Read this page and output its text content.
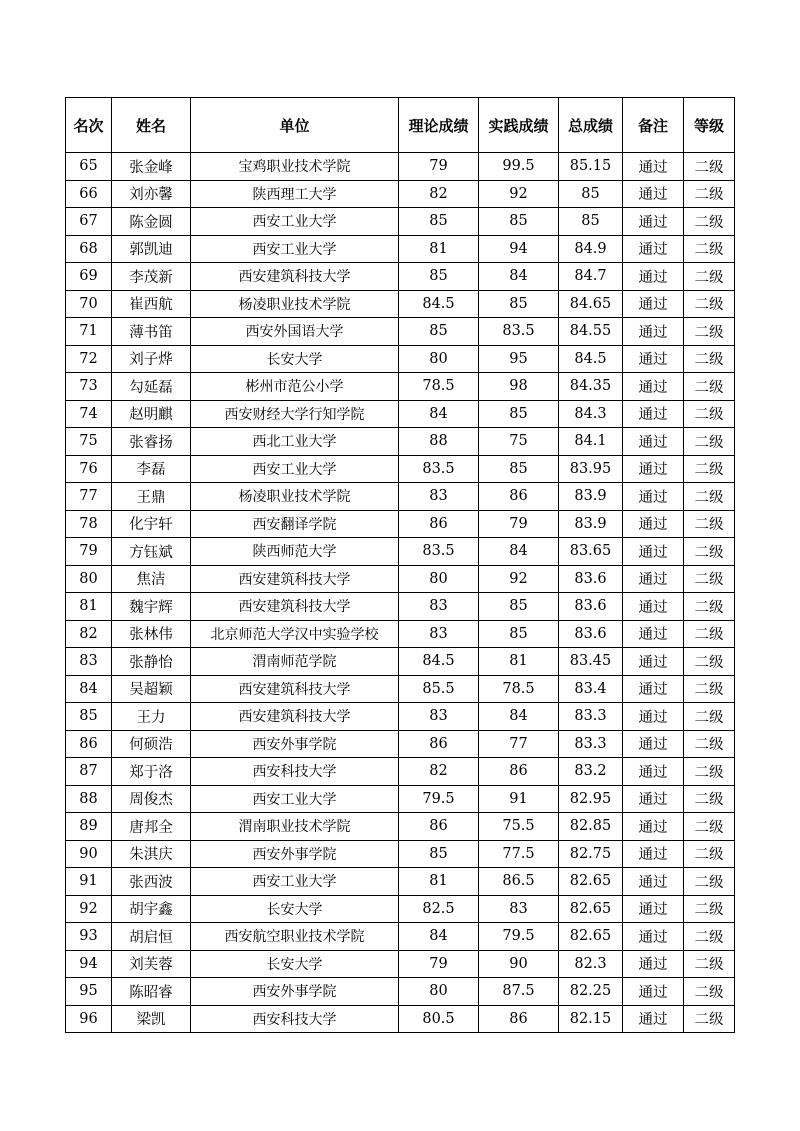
名次	姓名	单位	理论成绩	实践成绩	总成绩	备注	等级
65	张金峰	宝鸡职业技术学院	79	99.5	85.15	通过	二级
66	刘亦馨	陕西理工大学	82	92	85	通过	二级
67	陈金圆	西安工业大学	85	85	85	通过	二级
68	郭凯迪	西安工业大学	81	94	84.9	通过	二级
69	李茂新	西安建筑科技大学	85	84	84.7	通过	二级
70	崔西航	杨凌职业技术学院	84.5	85	84.65	通过	二级
71	薄书笛	西安外国语大学	85	83.5	84.55	通过	二级
72	刘子烨	长安大学	80	95	84.5	通过	二级
73	勾延磊	彬州市范公小学	78.5	98	84.35	通过	二级
74	赵明麒	西安财经大学行知学院	84	85	84.3	通过	二级
75	张睿扬	西北工业大学	88	75	84.1	通过	二级
76	李磊	西安工业大学	83.5	85	83.95	通过	二级
77	王鼎	杨凌职业技术学院	83	86	83.9	通过	二级
78	化宇轩	西安翻译学院	86	79	83.9	通过	二级
79	方钰斌	陕西师范大学	83.5	84	83.65	通过	二级
80	焦洁	西安建筑科技大学	80	92	83.6	通过	二级
81	魏宇辉	西安建筑科技大学	83	85	83.6	通过	二级
82	张林伟	北京师范大学汉中实验学校	83	85	83.6	通过	二级
83	张静怡	渭南师范学院	84.5	81	83.45	通过	二级
84	吴超颖	西安建筑科技大学	85.5	78.5	83.4	通过	二级
85	王力	西安建筑科技大学	83	84	83.3	通过	二级
86	何硕浩	西安外事学院	86	77	83.3	通过	二级
87	郑于洛	西安科技大学	82	86	83.2	通过	二级
88	周俊杰	西安工业大学	79.5	91	82.95	通过	二级
89	唐邦全	渭南职业技术学院	86	75.5	82.85	通过	二级
90	朱淇庆	西安外事学院	85	77.5	82.75	通过	二级
91	张西波	西安工业大学	81	86.5	82.65	通过	二级
92	胡宇鑫	长安大学	82.5	83	82.65	通过	二级
93	胡启恒	西安航空职业技术学院	84	79.5	82.65	通过	二级
94	刘芙蓉	长安大学	79	90	82.3	通过	二级
95	陈昭睿	西安外事学院	80	87.5	82.25	通过	二级
96	梁凯	西安科技大学	80.5	86	82.15	通过	二级
